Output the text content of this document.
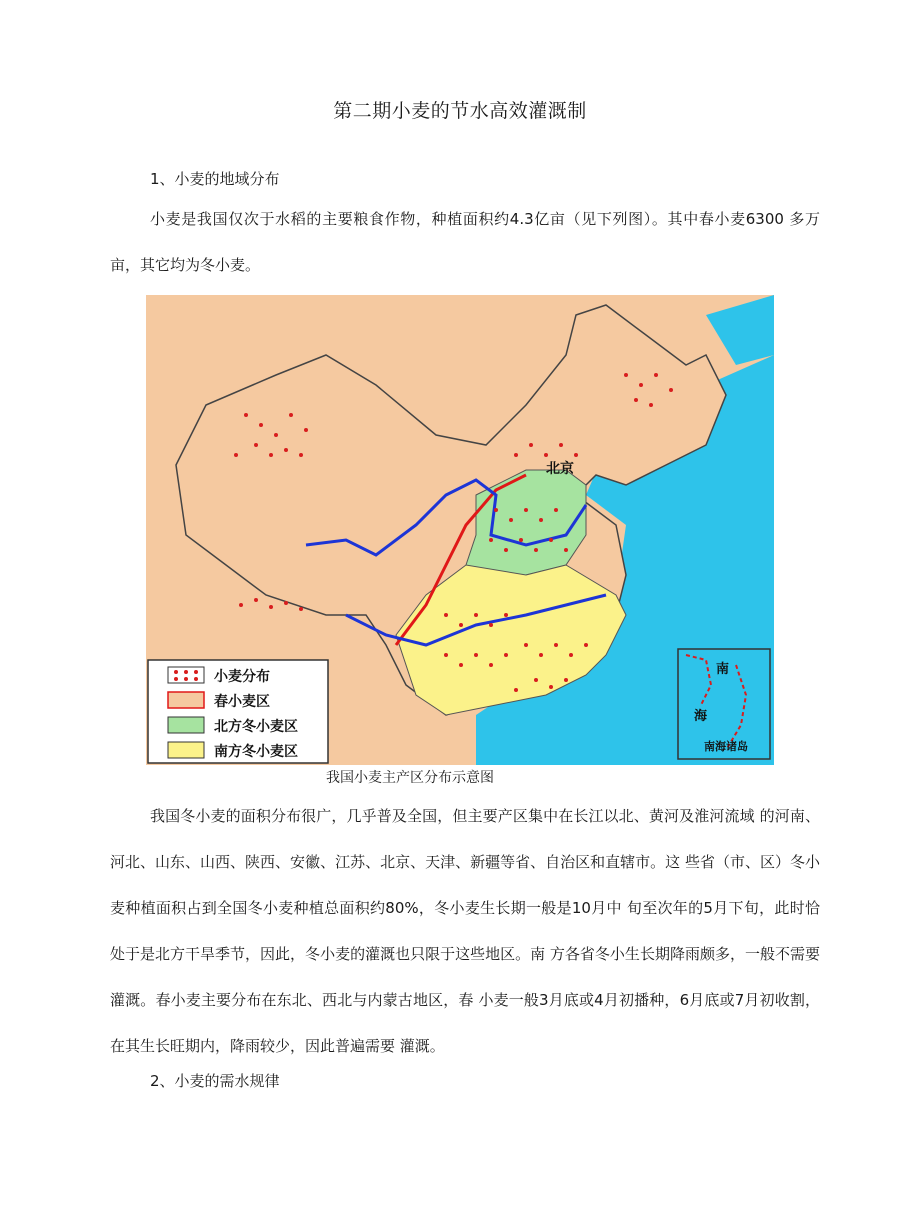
第二期小麦的节水高效灌溉制
1、小麦的地域分布

小麦是我国仅次于水稻的主要粮食作物，种植面积约4.3亿亩（见下列图）。其中春小麦6300 多万亩，其它均为冬小麦。

北京
南
海
南海诸岛
小麦分布
春小麦区
北方冬小麦区
南方冬小麦区
我国小麦主产区分布示意图

我国冬小麦的面积分布很广，几乎普及全国，但主要产区集中在长江以北、黄河及淮河流域 的河南、河北、山东、山西、陕西、安徽、江苏、北京、天津、新疆等省、自治区和直辖市。这 些省（市、区）冬小麦种植面积占到全国冬小麦种植总面积约80%，冬小麦生长期一般是10月中 旬至次年的5月下旬，此时恰处于是北方干旱季节，因此，冬小麦的灌溉也只限于这些地区。南 方各省冬小生长期降雨颇多，一般不需要灌溉。春小麦主要分布在东北、西北与内蒙古地区，春 小麦一般3月底或4月初播种，6月底或7月初收割，在其生长旺期内，降雨较少，因此普遍需要 灌溉。

2、小麦的需水规律
